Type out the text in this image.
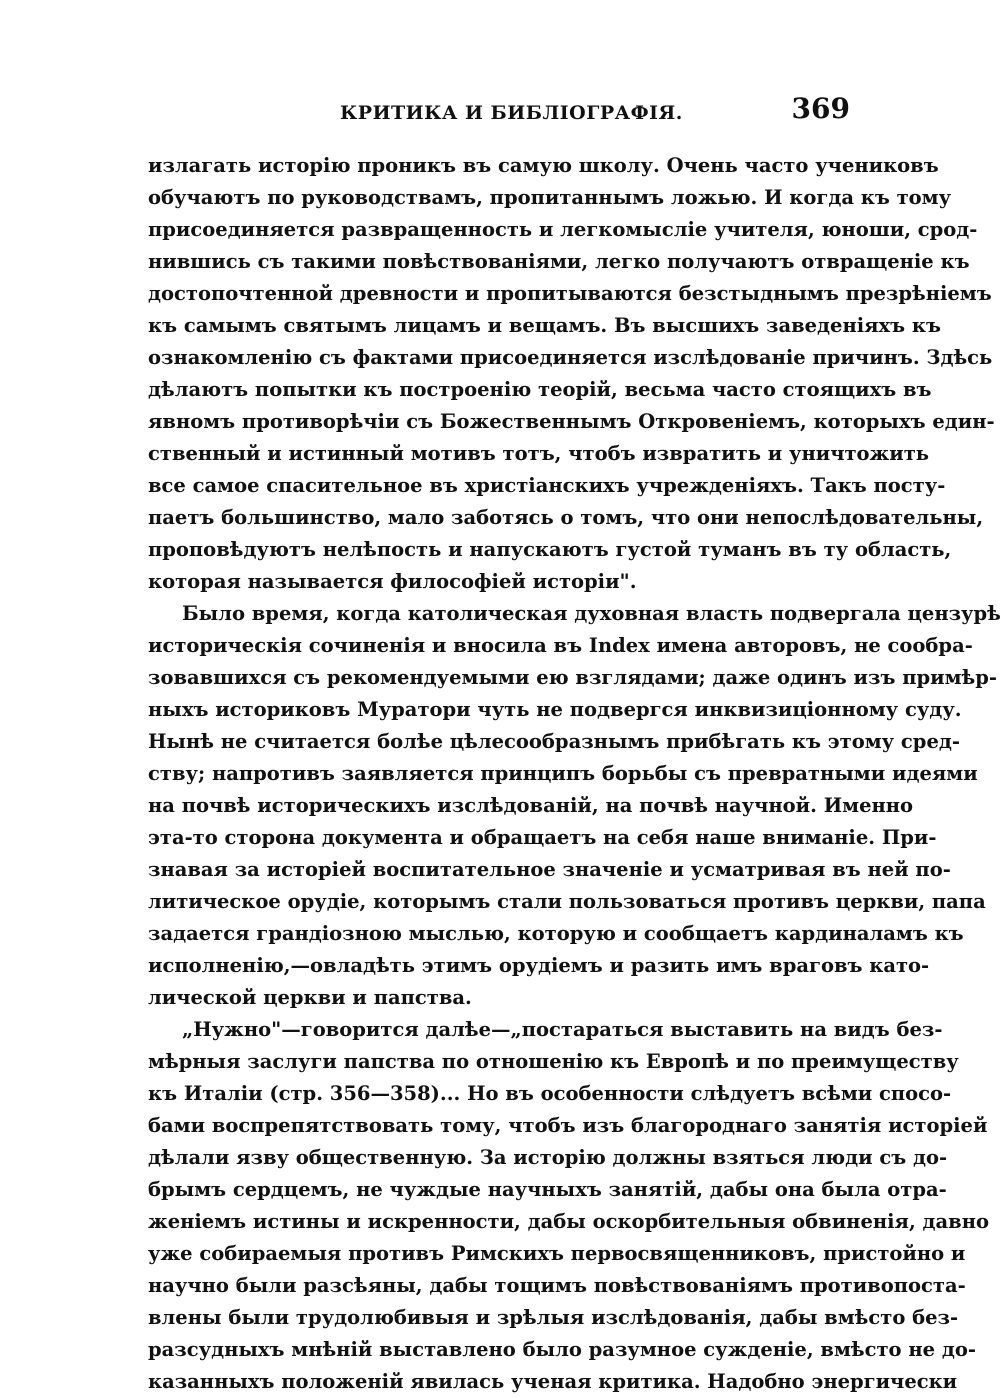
КРИТИКА И БИБЛІОГРАФІЯ.	369
излагать исторію проникъ въ самую школу. Очень часто учениковъ
обучаютъ по руководствамъ, пропитаннымъ ложью. И когда къ тому
присоединяется развращенность и легкомысліе учителя, юноши, срод-
нившись съ такими повѣствованіями, легко получаютъ отвращеніе къ
достопочтенной древности и пропитываются безстыднымъ презрѣніемъ
къ самымъ святымъ лицамъ и вещамъ. Въ высшихъ заведеніяхъ къ
ознакомленію съ фактами присоединяется изслѣдованіе причинъ. Здѣсь
дѣлаютъ попытки къ построенію теорій, весьма часто стоящихъ въ
явномъ противорѣчіи съ Божественнымъ Откровеніемъ, которыхъ един-
ственный и истинный мотивъ тотъ, чтобъ извратить и уничтожить
все самое спасительное въ христіанскихъ учрежденіяхъ. Такъ посту-
паетъ большинство, мало заботясь о томъ, что они непослѣдовательны,
проповѣдуютъ нелѣпость и напускаютъ густой туманъ въ ту область,
которая называется философіей исторіи".
Было время, когда католическая духовная власть подвергала цензурѣ
историческія сочиненія и вносила въ Index имена авторовъ, не сообра-
зовавшихся съ рекомендуемыми ею взглядами; даже одинъ изъ примѣр-
ныхъ историковъ Муратори чуть не подвергся инквизиціонному суду.
Нынѣ не считается болѣе цѣлесообразнымъ прибѣгать къ этому сред-
ству; напротивъ заявляется принципъ борьбы съ превратными идеями
на почвѣ историческихъ изслѣдованій, на почвѣ научной. Именно
эта-то сторона документа и обращаетъ на себя наше вниманіе. При-
знавая за исторіей воспитательное значеніе и усматривая въ ней по-
литическое орудіе, которымъ стали пользоваться противъ церкви, папа
задается грандіозною мыслью, которую и сообщаетъ кардиналамъ къ
исполненію,—овладѣть этимъ орудіемъ и разить имъ враговъ като-
лической церкви и папства.
„Нужно"—говорится далѣе—„постараться выставить на видъ без-
мѣрныя заслуги папства по отношенію къ Европѣ и по преимуществу
къ Италіи (стр. 356—358)... Но въ особенности слѣдуетъ всѣми спосо-
бами воспрепятствовать тому, чтобъ изъ благороднаго занятія исторіей
дѣлали язву общественную. За исторію должны взяться люди съ до-
брымъ сердцемъ, не чуждые научныхъ занятій, дабы она была отра-
женіемъ истины и искренности, дабы оскорбительныя обвиненія, давно
уже собираемыя противъ Римскихъ первосвященниковъ, пристойно и
научно были разсѣяны, дабы тощимъ повѣствованіямъ противопоста-
влены были трудолюбивыя и зрѣлыя изслѣдованія, дабы вмѣсто без-
разсудныхъ мнѣній выставлено было разумное сужденіе, вмѣсто не до-
казанныхъ положеній явилась ученая критика. Надобно энергически
